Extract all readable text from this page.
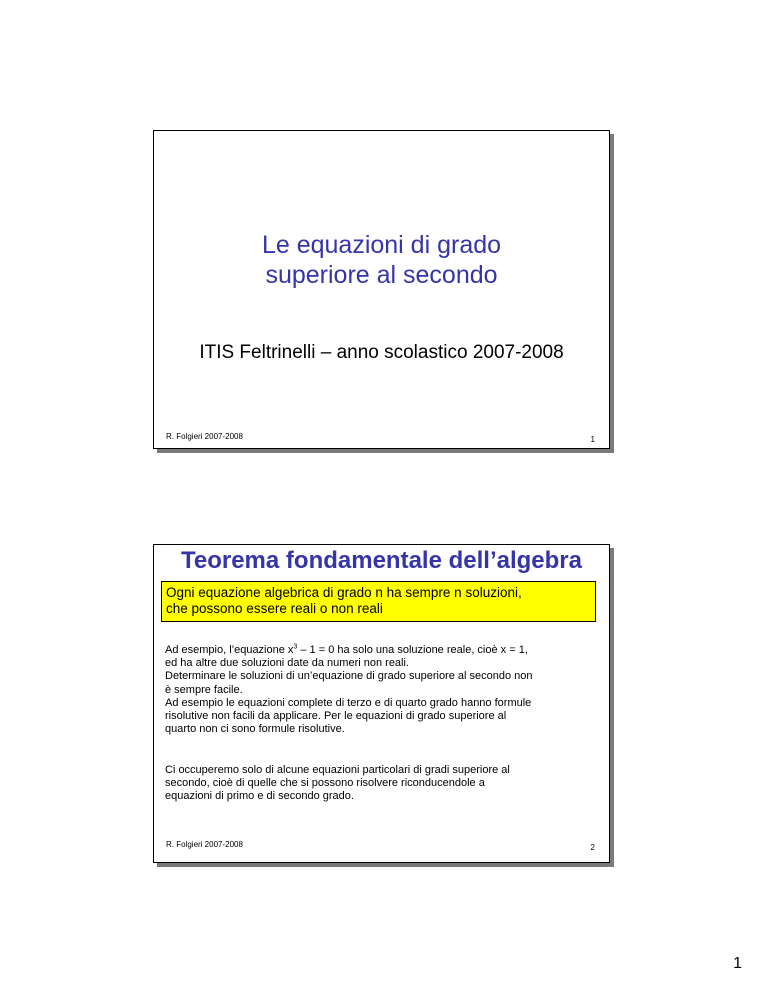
Le equazioni di grado
superiore al secondo
ITIS Feltrinelli – anno scolastico 2007-2008
R. Folgieri 2007-2008	1
Teorema fondamentale dell’algebra
Ogni equazione algebrica di grado n ha sempre n soluzioni,
che possono essere reali o non reali
Ad esempio, l’equazione $x^3 - 1 = 0$ ha solo una soluzione reale, cioè x = 1,
ed ha altre due soluzioni date da numeri non reali.
Determinare le soluzioni di un’equazione di grado superiore al secondo non
è sempre facile.
Ad esempio le equazioni complete di terzo e di quarto grado hanno formule
risolutive non facili da applicare. Per le equazioni di grado superiore al
quarto non ci sono formule risolutive.
Ci occuperemo solo di alcune equazioni particolari di gradi superiore al
secondo, cioè di quelle che si possono risolvere riconducendole a
equazioni di primo e di secondo grado.
R. Folgieri 2007-2008	2
1
